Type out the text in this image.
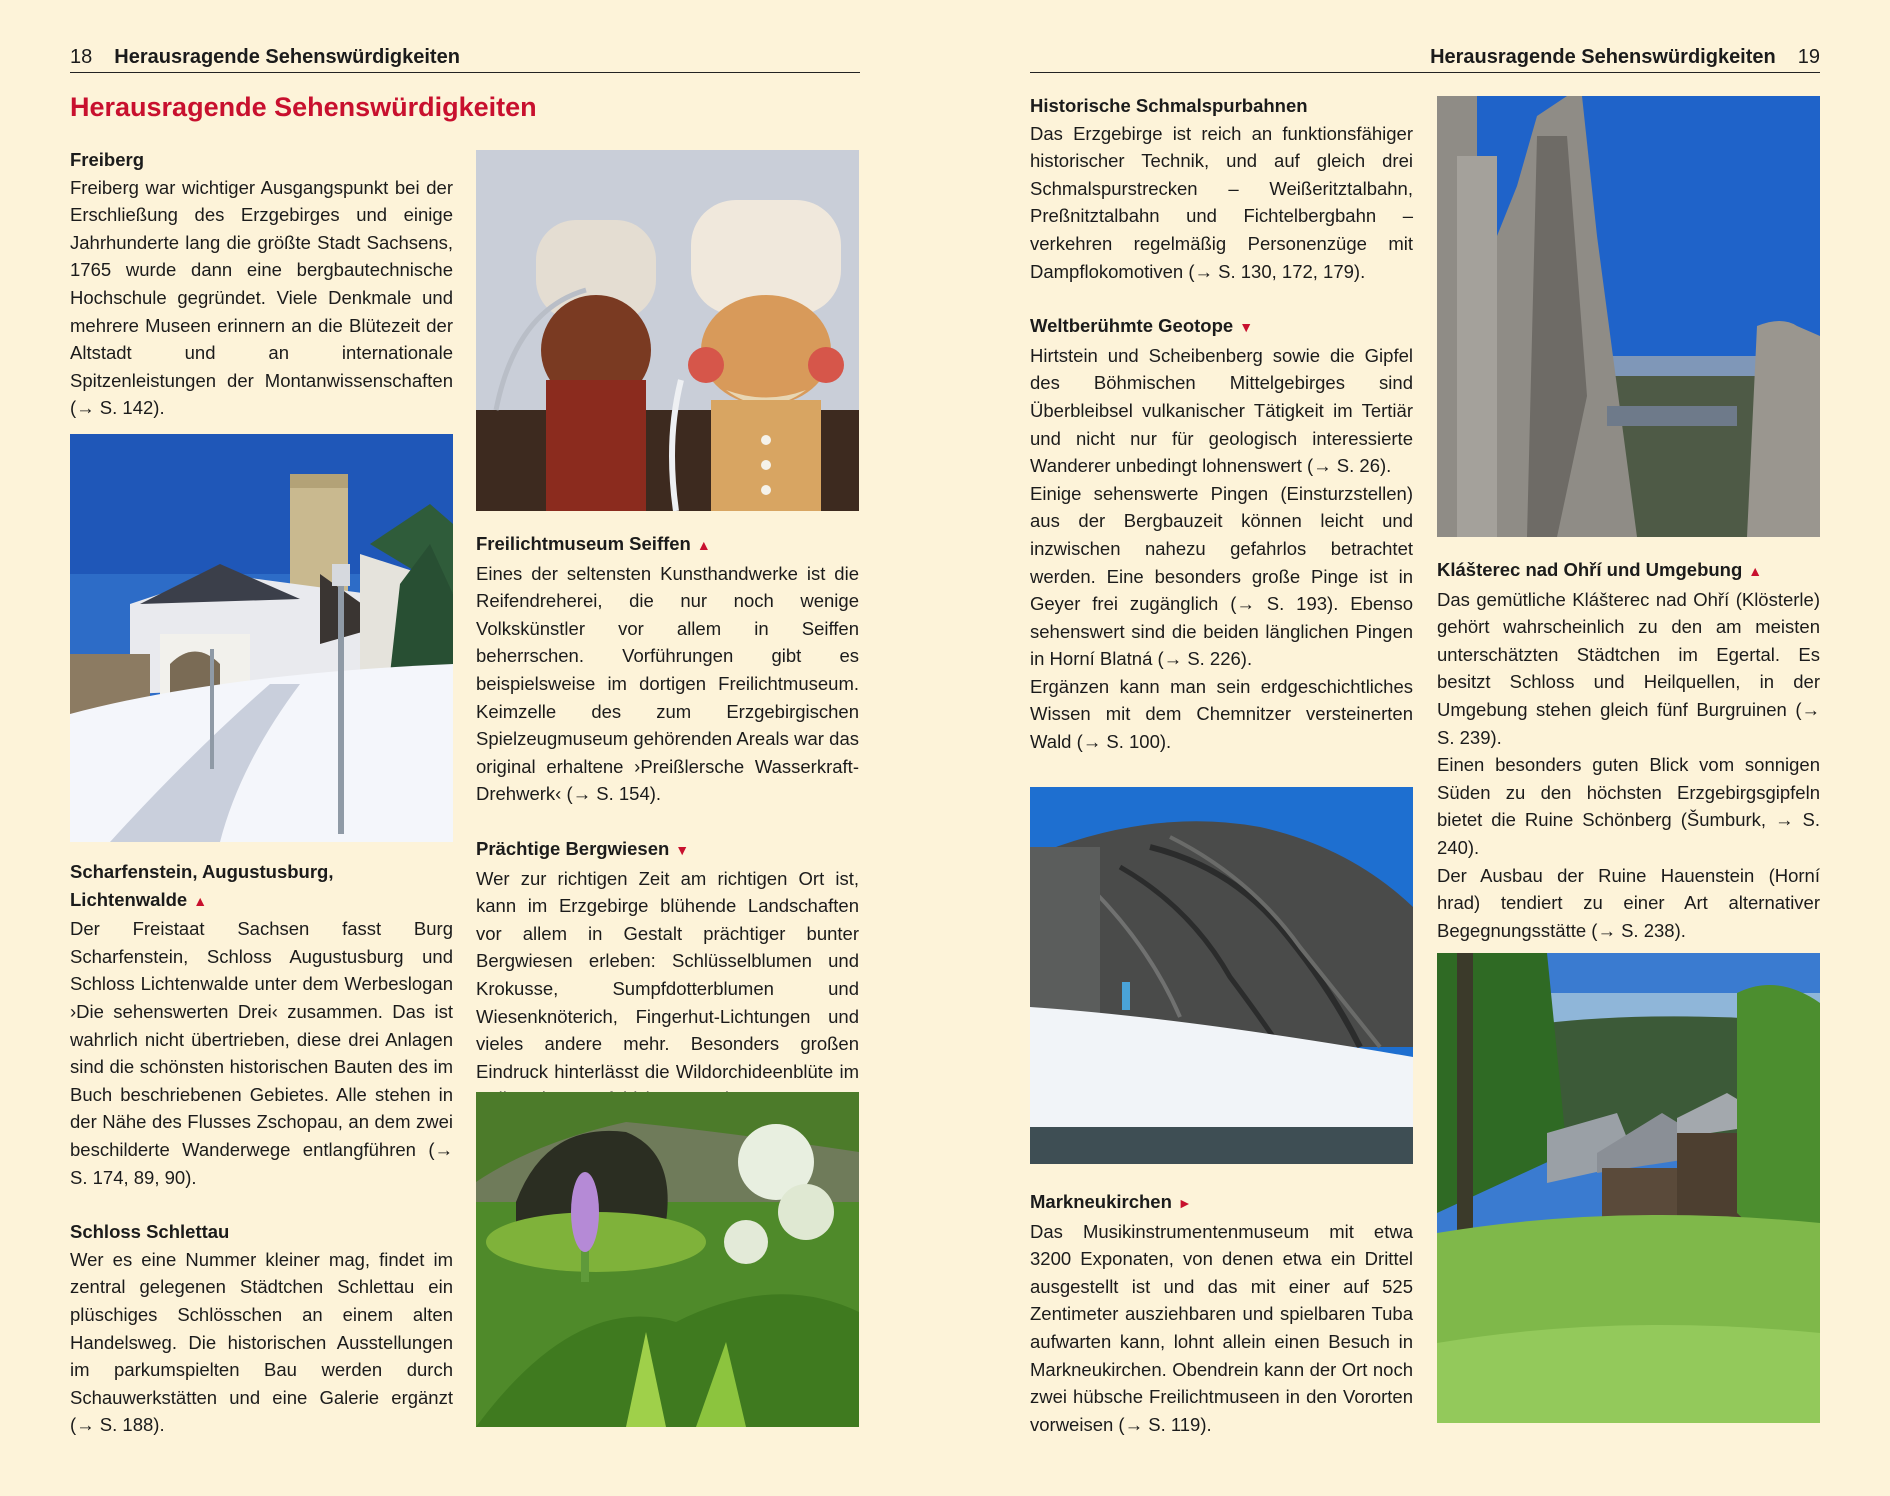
18 Herausragende Sehenswürdigkeiten
Herausragende Sehenswürdigkeiten
Freiberg

Freiberg war wichtiger Ausgangspunkt bei der Erschließung des Erzgebirges und einige Jahrhunderte lang die größte Stadt Sachsens, 1765 wurde dann eine bergbautechnische Hochschule gegründet. Viele Denkmale und mehrere Museen erinnern an die Blütezeit der Altstadt und an internationale Spitzenleistungen der Montanwissenschaften (→ S. 142).

Scharfenstein, Augustusburg, Lichtenwalde ▲

Der Freistaat Sachsen fasst Burg Scharfenstein, Schloss Augustusburg und Schloss Lichtenwalde unter dem Werbeslogan ›Die sehenswerten Drei‹ zusammen. Das ist wahrlich nicht übertrieben, diese drei Anlagen sind die schönsten historischen Bauten des im Buch beschriebenen Gebietes. Alle stehen in der Nähe des Flusses Zschopau, an dem zwei beschilderte Wanderwege entlangführen (→ S. 174, 89, 90).

Schloss Schlettau

Wer es eine Nummer kleiner mag, findet im zentral gelegenen Städtchen Schlettau ein plüschiges Schlösschen an einem alten Handelsweg. Die historischen Ausstellungen im parkumspielten Bau werden durch Schauwerkstätten und eine Galerie ergänzt (→ S. 188).

Freilichtmuseum Seiffen ▲

Eines der seltensten Kunsthandwerke ist die Reifendreherei, die nur noch wenige Volkskünstler vor allem in Seiffen beherrschen. Vorführungen gibt es beispielsweise im dortigen Freilichtmuseum. Keimzelle des zum Erzgebirgischen Spielzeugmuseum gehörenden Areals war das original erhaltene ›Preißlersche Wasserkraft-Drehwerk‹ (→ S. 154).

Prächtige Bergwiesen ▼

Wer zur richtigen Zeit am richtigen Ort ist, kann im Erzgebirge blühende Landschaften vor allem in Gestalt prächtiger bunter Bergwiesen erleben: Schlüsselblumen und Krokusse, Sumpfdotterblumen und Wiesenknöterich, Fingerhut-Lichtungen und vieles andere mehr. Besonders großen Eindruck hinterlässt die Wildorchideenblüte im

Herausragende Sehenswürdigkeiten 19
Historische Schmalspurbahnen

Das Erzgebirge ist reich an funktionsfähiger historischer Technik, und auf gleich drei Schmalspurstrecken – Weißeritztalbahn, Preßnitztalbahn und Fichtelbergbahn – verkehren regelmäßig Personenzüge mit Dampflokomotiven (→ S. 130, 172, 179).

Weltberühmte Geotope ▼

Hirtstein und Scheibenberg sowie die Gipfel des Böhmischen Mittelgebirges sind Überbleibsel vulkanischer Tätigkeit im Tertiär und nicht nur für geologisch interessierte Wanderer unbedingt lohnenswert (→ S. 26).

Einige sehenswerte Pingen (Einsturzstellen) aus der Bergbauzeit können leicht und inzwischen nahezu gefahrlos betrachtet werden. Eine besonders große Pinge ist in Geyer frei zugänglich (→ S. 193). Ebenso sehenswert sind die beiden länglichen Pingen in Horní Blatná (→ S. 226).

Ergänzen kann man sein erdgeschichtliches Wissen mit dem Chemnitzer versteinerten Wald (→ S. 100).

Markneukirchen ►

Das Musikinstrumentenmuseum mit etwa 3200 Exponaten, von denen etwa ein Drittel ausgestellt ist und das mit einer auf 525 Zentimeter ausziehbaren und spielbaren Tuba aufwarten kann, lohnt allein einen Besuch in Markneukirchen. Obendrein kann der Ort noch zwei hübsche Freilichtmuseen in den Vororten vorweisen (→ S. 119).

Klášterec nad Ohří und Umgebung ▲

Das gemütliche Klášterec nad Ohří (Klösterle) gehört wahrscheinlich zu den am meisten unterschätzten Städtchen im Egertal. Es besitzt Schloss und Heilquellen, in der Umgebung stehen gleich fünf Burgruinen (→ S. 239).

Einen besonders guten Blick vom sonnigen Süden zu den höchsten Erzgebirgsgipfeln bietet die Ruine Schönberg (Šumburk, → S. 240).

Der Ausbau der Ruine Hauenstein (Horní hrad) tendiert zu einer Art alternativer Begegnungsstätte (→ S. 238).
